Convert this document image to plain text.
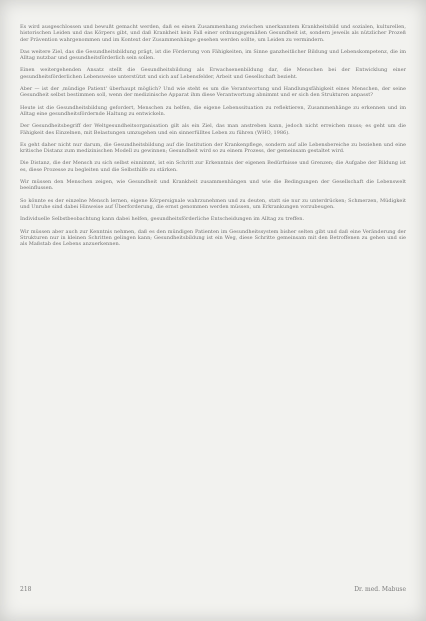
Es wird ausgeschlossen und bewußt gemacht werden, daß es einen Zusammenhang zwischen unerkanntem Krankheitsbild und sozialen, kulturellen, historischen Leiden und das Körpers gibt, und daß Krankheit kein Fall einer ordnungsgemäßen Gesundheit ist, sondern jeweils als nützlicher Prozeß der Prävention wahrgenommen und im Kontext der Zusammenhänge gesehen werden sollte, um Leiden zu vermindern.

Das weitere Ziel, das die Gesundheitsbildung prägt, ist die Förderung von Fähigkeiten, im Sinne ganzheitlicher Bildung und Lebenskompetenz, die im Alltag nutzbar und gesundheitsförderlich sein sollen.

Einen weitergehenden Ansatz stellt die Gesundheitsbildung als Erwachsenenbildung dar, die Menschen bei der Entwicklung einer gesundheitsförderlichen Lebensweise unterstützt und sich auf Lebensfelder, Arbeit und Gesellschaft bezieht.

Aber — ist der ‚mündige Patient' überhaupt möglich? Und wie steht es um die Verantwortung und Handlungsfähigkeit eines Menschen, der seine Gesundheit selbst bestimmen soll, wenn der medizinische Apparat ihm diese Verantwortung abnimmt und er sich den Strukturen anpasst?

Heute ist die Gesundheitsbildung gefordert, Menschen zu helfen, die eigene Lebenssituation zu reflektieren, Zusammenhänge zu erkennen und im Alltag eine gesundheitsfördernde Haltung zu entwickeln.

Der Gesundheitsbegriff der Weltgesundheitsorganisation gilt als ein Ziel, das man anstreben kann, jedoch nicht erreichen muss; es geht um die Fähigkeit des Einzelnen, mit Belastungen umzugehen und ein sinnerfülltes Leben zu führen (WHO, 1986).

Es geht daher nicht nur darum, die Gesundheitsbildung auf die Institution der Krankenpflege, sondern auf alle Lebensbereiche zu beziehen und eine kritische Distanz zum medizinischen Modell zu gewinnen; Gesundheit wird so zu einem Prozess, der gemeinsam gestaltet wird.

Die Distanz, die der Mensch zu sich selbst einnimmt, ist ein Schritt zur Erkenntnis der eigenen Bedürfnisse und Grenzen; die Aufgabe der Bildung ist es, diese Prozesse zu begleiten und die Selbsthilfe zu stärken.

Wir müssen den Menschen zeigen, wie Gesundheit und Krankheit zusammenhängen und wie die Bedingungen der Gesellschaft die Lebenswelt beeinflussen.

So könnte es der einzelne Mensch lernen, eigene Körpersignale wahrzunehmen und zu deuten, statt sie nur zu unterdrücken; Schmerzen, Müdigkeit und Unruhe sind dabei Hinweise auf Überforderung, die ernst genommen werden müssen, um Erkrankungen vorzubeugen.

Individuelle Selbstbeobachtung kann dabei helfen, gesundheitsförderliche Entscheidungen im Alltag zu treffen.

Wir müssen aber auch zur Kenntnis nehmen, daß es den mündigen Patienten im Gesundheitssystem bisher selten gibt und daß eine Veränderung der Strukturen nur in kleinen Schritten gelingen kann; Gesundheitsbildung ist ein Weg, diese Schritte gemeinsam mit den Betroffenen zu gehen und sie als Maßstab des Lebens anzuerkennen.

218	Dr. med. Mabuse
